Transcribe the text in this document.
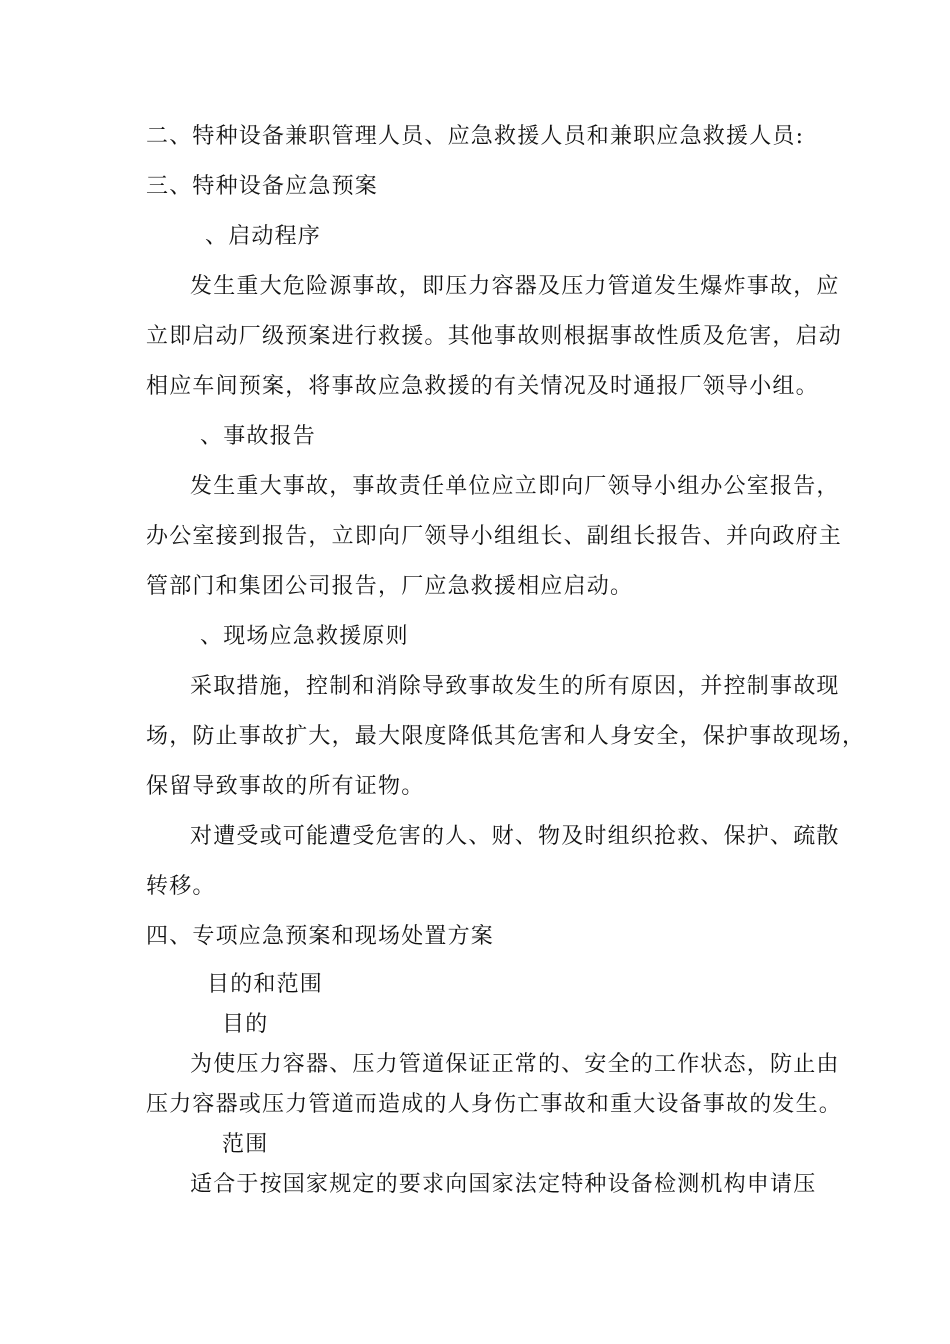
二、特种设备兼职管理人员、应急救援人员和兼职应急救援人员:
三、特种设备应急预案
、启动程序
发生重大危险源事故，即压力容器及压力管道发生爆炸事故，应
立即启动厂级预案进行救援。其他事故则根据事故性质及危害，启动
相应车间预案，将事故应急救援的有关情况及时通报厂领导小组。
、事故报告
发生重大事故，事故责任单位应立即向厂领导小组办公室报告，
办公室接到报告，立即向厂领导小组组长、副组长报告、并向政府主
管部门和集团公司报告，厂应急救援相应启动。
、现场应急救援原则
采取措施，控制和消除导致事故发生的所有原因，并控制事故现
场，防止事故扩大，最大限度降低其危害和人身安全，保护事故现场，
保留导致事故的所有证物。
对遭受或可能遭受危害的人、财、物及时组织抢救、保护、疏散
转移。
四、专项应急预案和现场处置方案
目的和范围
目的
为使压力容器、压力管道保证正常的、安全的工作状态，防止由
压力容器或压力管道而造成的人身伤亡事故和重大设备事故的发生。
范围
适合于按国家规定的要求向国家法定特种设备检测机构申请压
